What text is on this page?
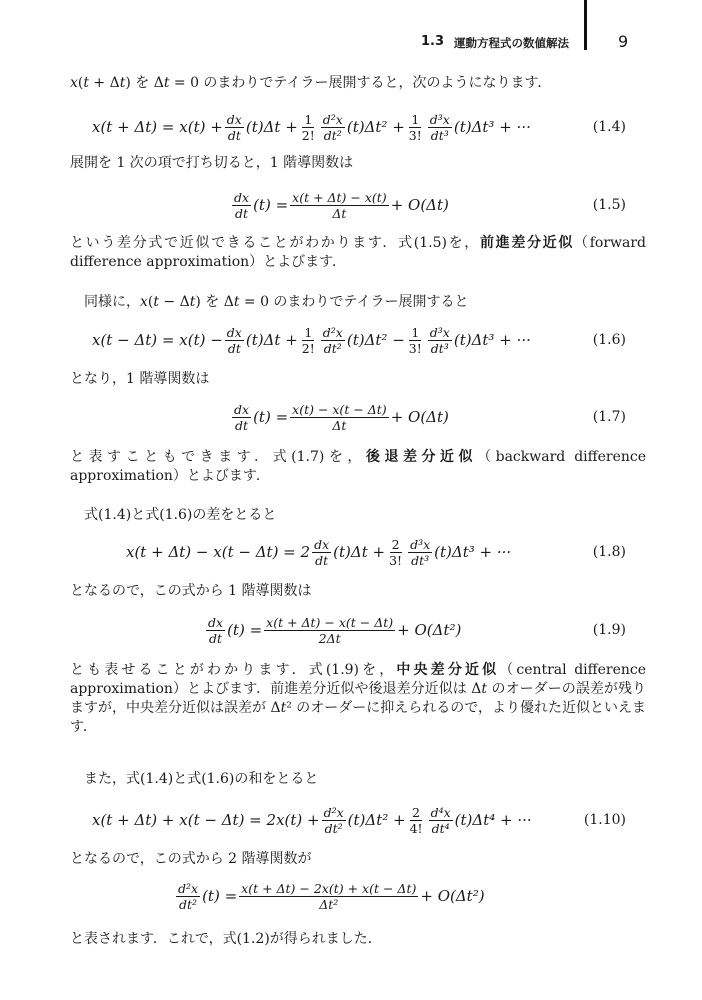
1.3 運動方程式の数値解法	9
𝑥(𝑡 + Δ𝑡) を Δ𝑡 = 0 のまわりでテイラー展開すると，次のようになります．
$x(t + \Delta t) = x(t) + \frac{dx}{dt} (t)\Delta t + \frac{1}{2!} \frac{\text{d²x}}{\text{dt²}} (t)\Delta t^2 + \frac{1}{3!} \frac{\text{d³x}}{\text{dt³}} (t)\Delta t^3$ + ···	(1.4)
展開を 1 次の項で打ち切ると，1 階導関数は
$\frac{dx}{dt} (t) = \frac{x(t + \Delta t) - x(t)}{\Delta t} + O(\Delta t)$	(1.5)
という差分式で近似できることがわかります．式(1.5)を，前進差分近似（forward difference approximation）とよびます．
同様に，𝑥(𝑡 − Δ𝑡) を Δ𝑡 = 0 のまわりでテイラー展開すると
$x(t - \Delta t) = x(t) - \frac{dx}{dt} (t)\Delta t + \frac{1}{2!} \frac{\text{d²x}}{\text{dt²}} (t)\Delta t^2 - \frac{1}{3!} \frac{\text{d³x}}{\text{dt³}} (t)\Delta t^3$ + ···	(1.6)
となり，1 階導関数は
$\frac{dx}{dt} (t) = \frac{x(t) - x(t - \Delta t)}{\Delta t} + O(\Delta t)$	(1.7)
と表すこともできます．式(1.7)を，後退差分近似（backward difference approximation）とよびます．
式(1.4)と式(1.6)の差をとると
$x(t + \Delta t) - x(t - \Delta t) = 2 \frac{dx}{dt} (t)\Delta t + \frac{2}{3!} \frac{\text{d³x}}{\text{dt³}} (t)\Delta t^3$ + ···	(1.8)
となるので，この式から 1 階導関数は
$\frac{dx}{dt} (t) = \frac{x(t + \Delta t) - x(t - \Delta t)}{2\Delta t} + O(\Delta t^2)$	(1.9)
とも表せることがわかります．式(1.9)を，中央差分近似（central difference approximation）とよびます．前進差分近似や後退差分近似は Δ𝑡 のオーダーの誤差が残りますが，中央差分近似は誤差が Δ𝑡² のオーダーに抑えられるので，より優れた近似といえます．
また，式(1.4)と式(1.6)の和をとると
$x(t + \Delta t) + x(t - \Delta t) = 2x(t) + \frac{\text{d²x}}{\text{dt²}} (t)\Delta t^2 + \frac{2}{4!} \frac{\text{d⁴x}}{\text{dt⁴}} (t)\Delta t^4$ + ···	(1.10)
となるので，この式から 2 階導関数が
$\frac{\text{d²x}}{\text{dt²}} (t) = \frac{x(t + \Delta t) - 2x(t) + x(t - \Delta t)}{\text{Δt²}} + O(\Delta t^2)$
と表されます．これで，式(1.2)が得られました．
